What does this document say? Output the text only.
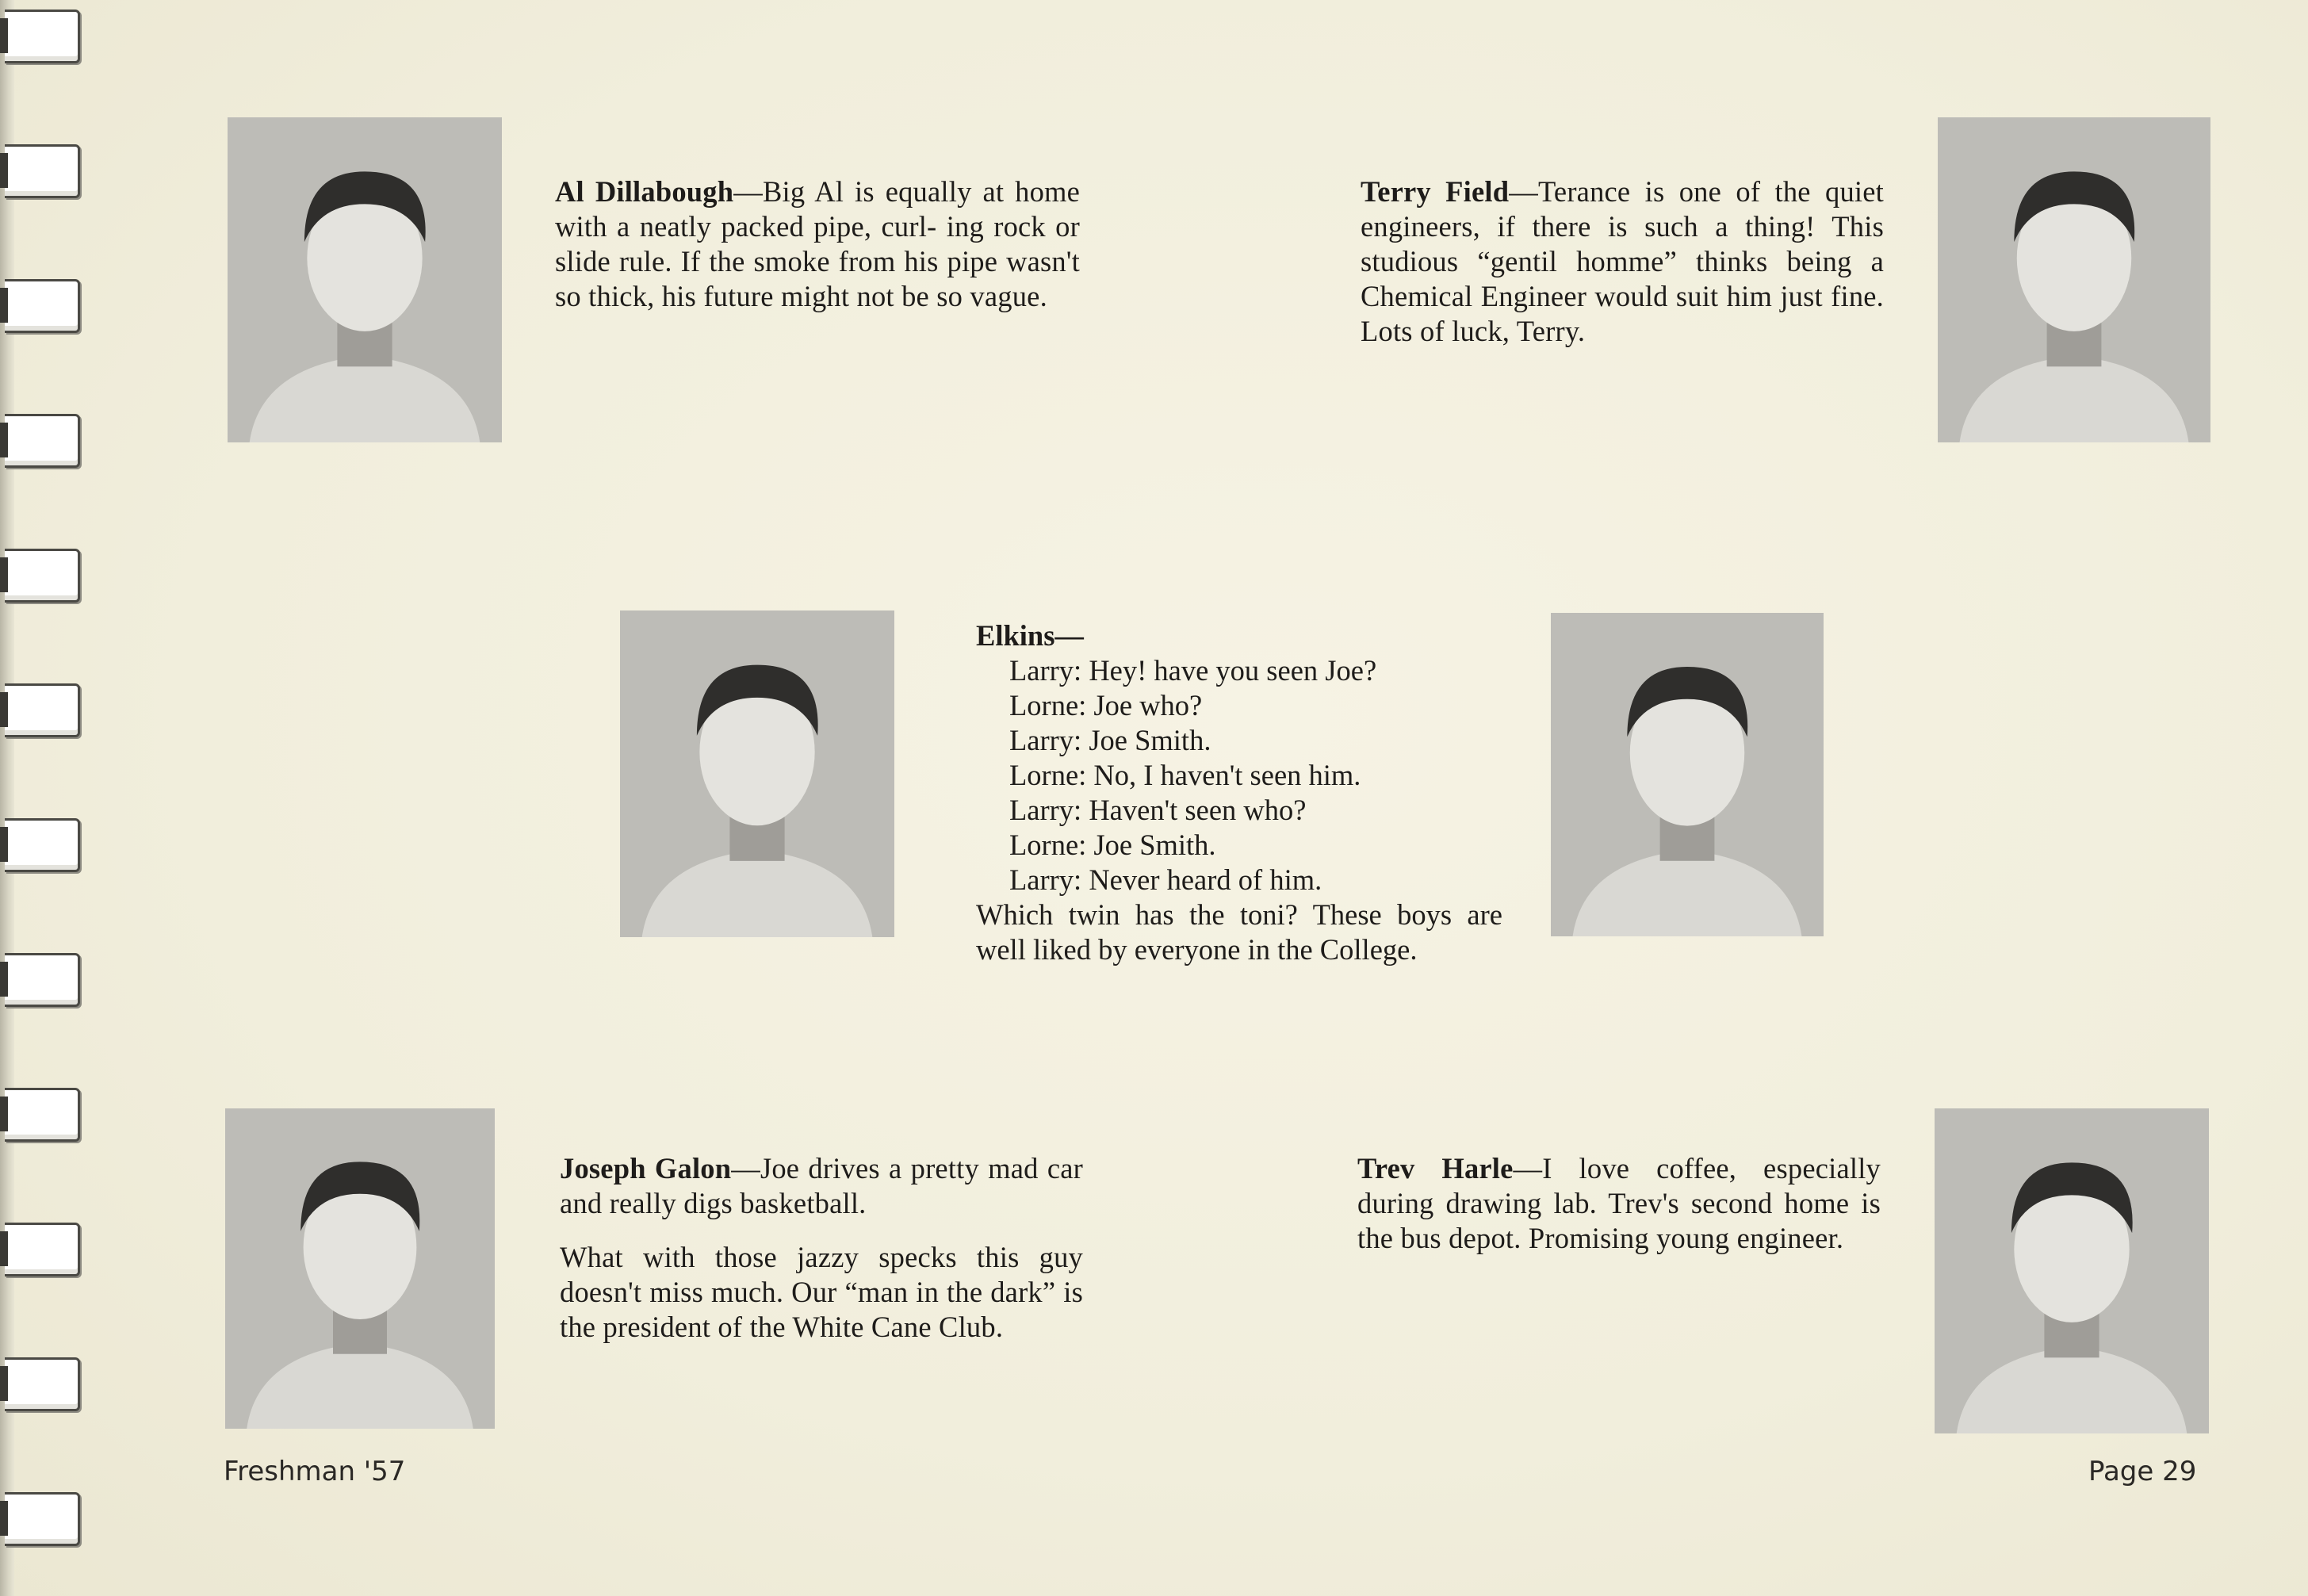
Al Dillabough—Big Al is equally at home with a neatly packed pipe, curl- ing rock or slide rule. If the smoke from his pipe wasn't so thick, his future might not be so vague.

Terry Field—Terance is one of the quiet engineers, if there is such a thing! This studious “gentil homme” thinks being a Chemical Engineer would suit him just fine. Lots of luck, Terry.

Elkins—
Larry: Hey! have you seen Joe?
Lorne: Joe who?
Larry: Joe Smith.
Lorne: No, I haven't seen him.
Larry: Haven't seen who?
Lorne: Joe Smith.
Larry: Never heard of him.
Which twin has the toni? These boys are well liked by everyone in the College.

Joseph Galon—Joe drives a pretty mad car and really digs basketball.

What with those jazzy specks this guy doesn't miss much. Our “man in the dark” is the president of the White Cane Club.

Trev Harle—I love coffee, especially during drawing lab. Trev's second home is the bus depot. Promising young engineer.

Freshman '57	Page 29
